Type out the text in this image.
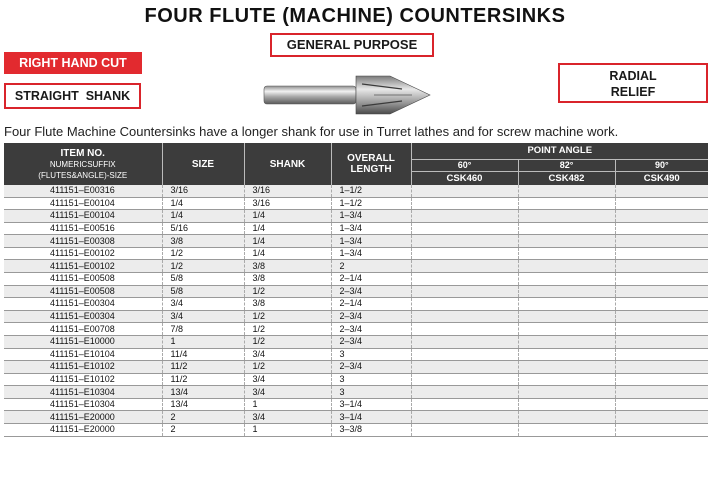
FOUR FLUTE (MACHINE) COUNTERSINKS
GENERAL PURPOSE
RIGHT HAND CUT
STRAIGHT  SHANK
RADIAL
RELIEF
Four Flute Machine Countersinks have a longer shank for use in Turret lathes and for screw machine work.
ITEM NO.
NUMERICSUFFIX
(FLUTES&ANGLE)-SIZE	SIZE	SHANK	OVERALL
LENGTH	POINT ANGLE		
				60°	82°	90°
				CSK460	CSK482	CSK490
411151–E00316	3/16	3/16	1–1/2			
411151–E00104	1/4	3/16	1–1/2			
411151–E00104	1/4	1/4	1–3/4			
411151–E00516	5/16	1/4	1–3/4			
411151–E00308	3/8	1/4	1–3/4			
411151–E00102	1/2	1/4	1–3/4			
411151–E00102	1/2	3/8	2			
411151–E00508	5/8	3/8	2–1/4			
411151–E00508	5/8	1/2	2–3/4			
411151–E00304	3/4	3/8	2–1/4			
411151–E00304	3/4	1/2	2–3/4			
411151–E00708	7/8	1/2	2–3/4			
411151–E10000	1	1/2	2–3/4			
411151–E10104	11/4	3/4	3			
411151–E10102	11/2	1/2	2–3/4			
411151–E10102	11/2	3/4	3			
411151–E10304	13/4	3/4	3			
411151–E10304	13/4	1	3–1/4			
411151–E20000	2	3/4	3–1/4			
411151–E20000	2	1	3–3/8			
